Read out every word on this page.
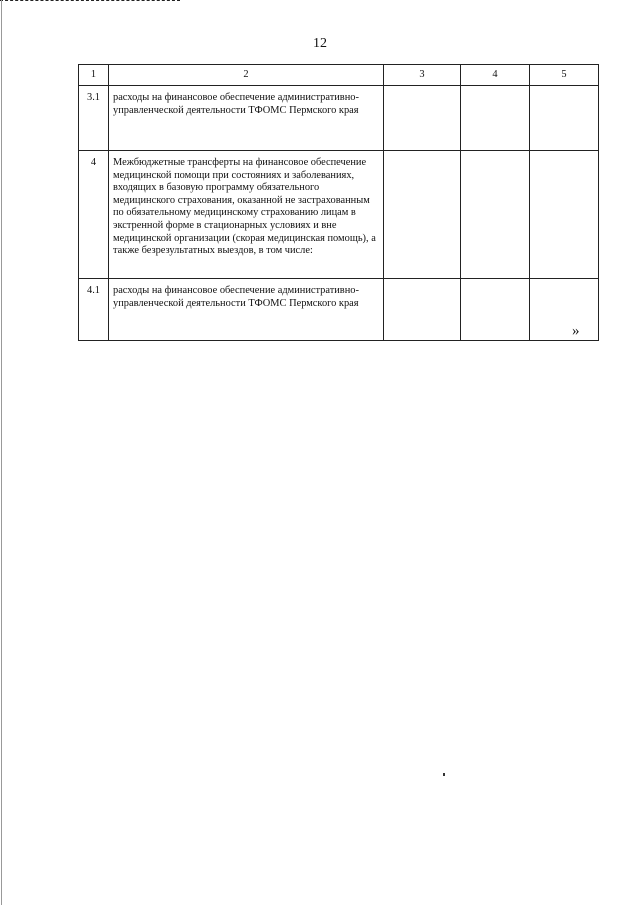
12
1	2	3	4	5
3.1	расходы на финансовое обеспечение административно-управленческой деятельности ТФОМС Пермского края			
4	Межбюджетные трансферты на финансовое обеспечение медицинской помощи при состояниях и заболеваниях, входящих в базовую программу обязательного медицинского страхования, оказанной не застрахованным по обязательному медицинскому страхованию лицам в экстренной форме в стационарных условиях и вне медицинской организации (скорая медицинская помощь), а также безрезультатных выездов, в том числе:			
4.1	расходы на финансовое обеспечение административно-управленческой деятельности ТФОМС Пермского края			
»
